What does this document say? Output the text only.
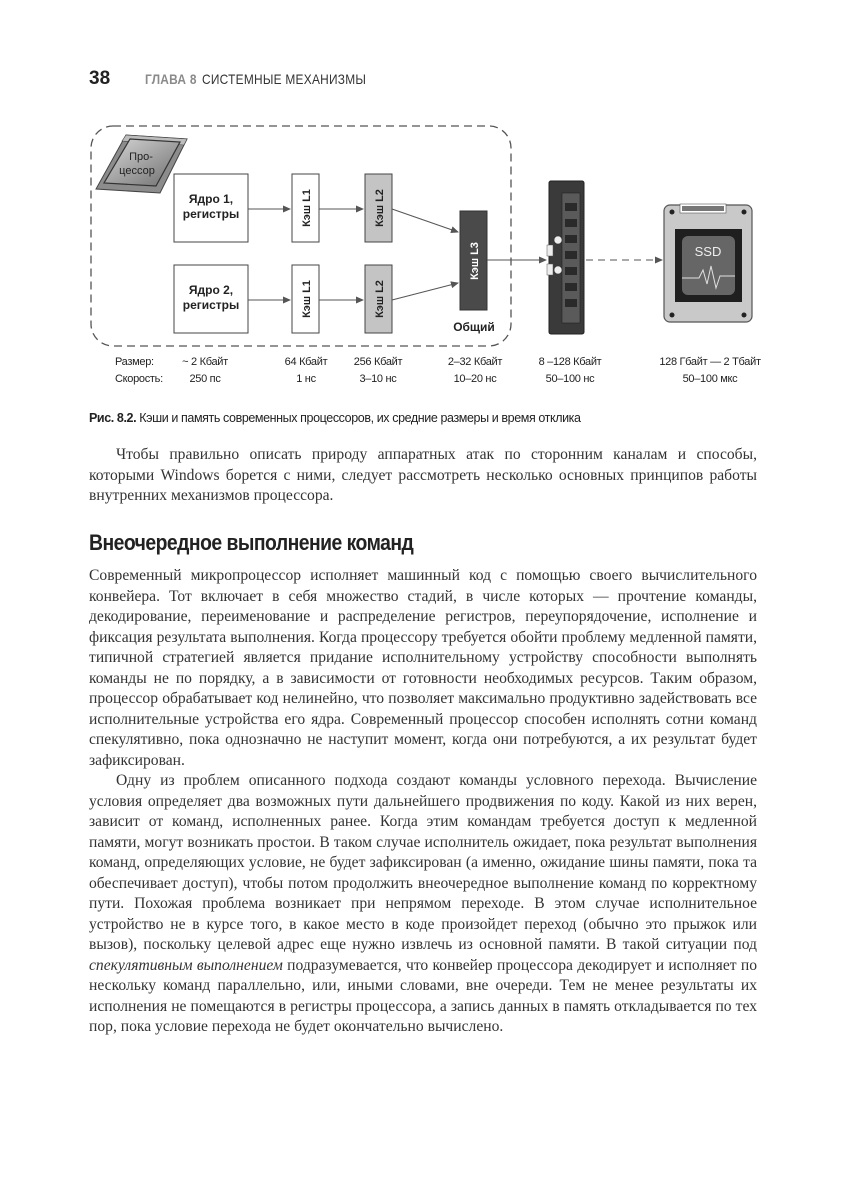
38 ГЛАВА 8 СИСТЕМНЫЕ МЕХАНИЗМЫ
Про-
цессор
Ядро 1,
регистры
Ядро 2,
регистры
Кэш L1
Кэш L1
Кэш L2
Кэш L2
Кэш L3
Общий
SSD
Размер:
Скорость:
~ 2 Кбайт
250 пс
64 Кбайт
1 нс
256 Кбайт
3–10 нс
2–32 Кбайт
10–20 нс
8 –128 Кбайт
50–100 нс
128 Гбайт — 2 Тбайт
50–100 мкс
Рис. 8.2. Кэши и память современных процессоров, их средние размеры и время отклика

Чтобы правильно описать природу аппаратных атак по сторонним каналам и способы, которыми Windows борется с ними, следует рассмотреть несколько основных принципов работы внутренних механизмов процессора.

Внеочередное выполнение команд

Современный микропроцессор исполняет машинный код с помощью своего вычислительного конвейера. Тот включает в себя множество стадий, в числе которых — прочтение команды, декодирование, переименование и распределение регистров, переупорядочение, исполнение и фиксация результата выполнения. Когда процессору требуется обойти проблему медленной памяти, типичной стратегией является придание исполнительному устройству способности выполнять команды не по порядку, а в зависимости от готовности необходимых ресурсов. Таким образом, процессор обрабатывает код нелинейно, что позволяет максимально продуктивно задействовать все исполнительные устройства его ядра. Современный процессор способен исполнять сотни команд спекулятивно, пока однозначно не наступит момент, когда они потребуются, а их результат будет зафиксирован.

Одну из проблем описанного подхода создают команды условного перехода. Вычисление условия определяет два возможных пути дальнейшего продвижения по коду. Какой из них верен, зависит от команд, исполненных ранее. Когда этим командам требуется доступ к медленной памяти, могут возникать простои. В таком случае исполнитель ожидает, пока результат выполнения команд, определяющих условие, не будет зафиксирован (а именно, ожидание шины памяти, пока та обеспечивает доступ), чтобы потом продолжить внеочередное выполнение команд по корректному пути. Похожая проблема возникает при непрямом переходе. В этом случае исполнительное устройство не в курсе того, в какое место в коде произойдет переход (обычно это прыжок или вызов), поскольку целевой адрес еще нужно извлечь из основной памяти. В такой ситуации под спекулятивным выполнением подразумевается, что конвейер процессора декодирует и исполняет по нескольку команд параллельно, или, иными словами, вне очереди. Тем не менее результаты их исполнения не помещаются в регистры процессора, а запись данных в память откладывается по тех пор, пока условие перехода не будет окончательно вычислено.
